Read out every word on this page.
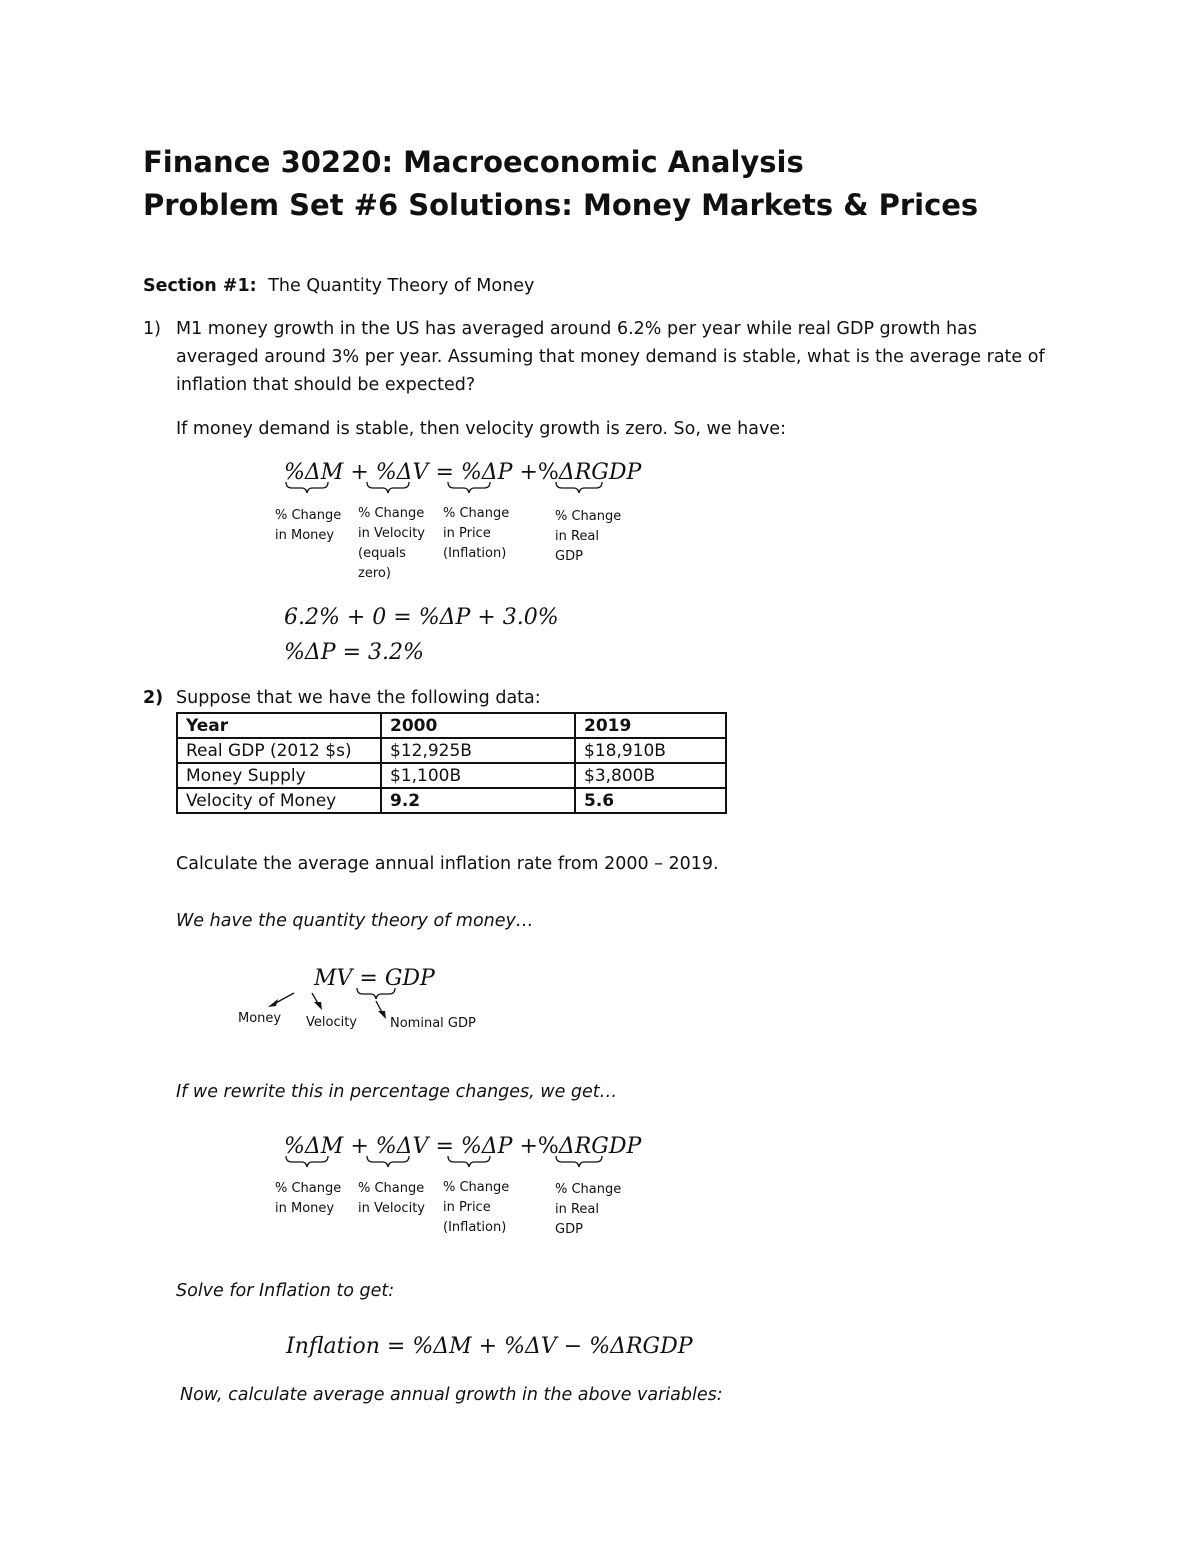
Finance 30220: Macroeconomic Analysis
Problem Set #6 Solutions: Money Markets & Prices
Section #1: The Quantity Theory of Money
1) M1 money growth in the US has averaged around 6.2% per year while real GDP growth has
averaged around 3% per year. Assuming that money demand is stable, what is the average rate of
inflation that should be expected?
If money demand is stable, then velocity growth is zero. So, we have:
%ΔM + %ΔV = %ΔP +%ΔRGDP
% Change
in Money
% Change
in Velocity
(equals
zero)
% Change
in Price
(Inflation)
% Change
in Real
GDP
6.2% + 0 = %ΔP + 3.0%
%ΔP = 3.2%
2) Suppose that we have the following data:
Year	2000	2019
Real GDP (2012 $s)	$12,925B	$18,910B
Money Supply	$1,100B	$3,800B
Velocity of Money	9.2	5.6
Calculate the average annual inflation rate from 2000 – 2019.
We have the quantity theory of money…
MV = GDP
Money Velocity	Nominal GDP
If we rewrite this in percentage changes, we get…
%ΔM + %ΔV = %ΔP +%ΔRGDP
% Change
in Money
% Change
in Velocity
% Change
in Price
(Inflation)
% Change
in Real
GDP
Solve for Inflation to get:
Inflation = %ΔM + %ΔV − %ΔRGDP
Now, calculate average annual growth in the above variables:
